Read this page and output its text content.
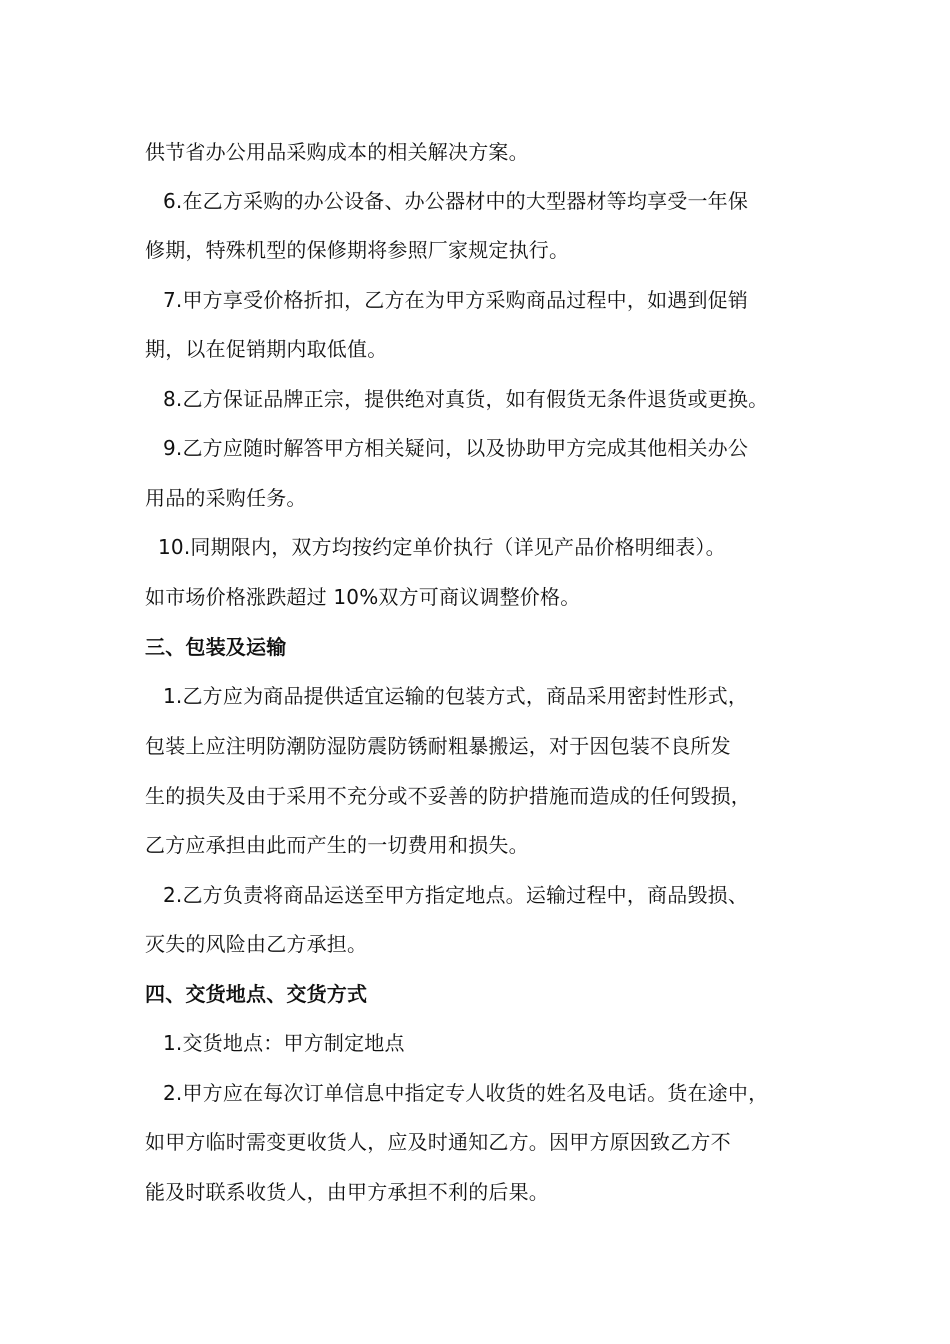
供节省办公用品采购成本的相关解决方案。
6.在乙方采购的办公设备、办公器材中的大型器材等均享受一年保
修期，特殊机型的保修期将参照厂家规定执行。
7.甲方享受价格折扣，乙方在为甲方采购商品过程中，如遇到促销
期，以在促销期内取低值。
8.乙方保证品牌正宗，提供绝对真货，如有假货无条件退货或更换。
9.乙方应随时解答甲方相关疑问，以及协助甲方完成其他相关办公
用品的采购任务。
10.同期限内，双方均按约定单价执行（详见产品价格明细表）。
如市场价格涨跌超过 10%双方可商议调整价格。
三、包装及运输
1.乙方应为商品提供适宜运输的包装方式，商品采用密封性形式，
包装上应注明防潮防湿防震防锈耐粗暴搬运，对于因包装不良所发
生的损失及由于采用不充分或不妥善的防护措施而造成的任何毁损，
乙方应承担由此而产生的一切费用和损失。
2.乙方负责将商品运送至甲方指定地点。运输过程中，商品毁损、
灭失的风险由乙方承担。
四、交货地点、交货方式
1.交货地点：甲方制定地点
2.甲方应在每次订单信息中指定专人收货的姓名及电话。货在途中，
如甲方临时需变更收货人，应及时通知乙方。因甲方原因致乙方不
能及时联系收货人，由甲方承担不利的后果。
